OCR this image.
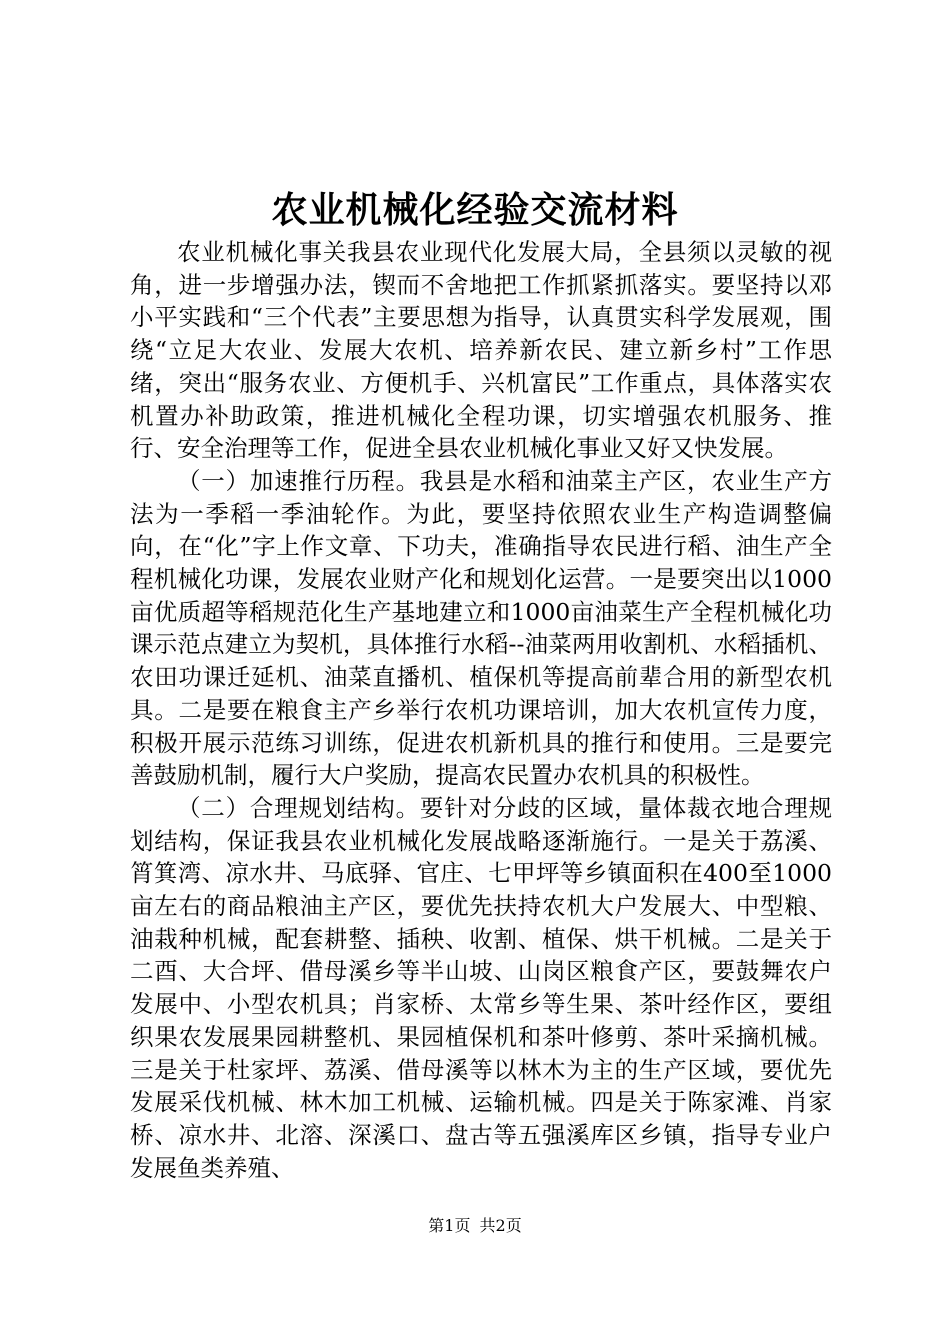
农业机械化经验交流材料

农业机械化事关我县农业现代化发展大局，全县须以灵敏的视角，进一步增强办法，锲而不舍地把工作抓紧抓落实。要坚持以邓小平实践和“三个代表”主要思想为指导，认真贯实科学发展观，围绕“立足大农业、发展大农机、培养新农民、建立新乡村”工作思绪，突出“服务农业、方便机手、兴机富民”工作重点，具体落实农机置办补助政策，推进机械化全程功课，切实增强农机服务、推行、安全治理等工作，促进全县农业机械化事业又好又快发展。

（一）加速推行历程。我县是水稻和油菜主产区，农业生产方法为一季稻一季油轮作。为此，要坚持依照农业生产构造调整偏向，在“化”字上作文章、下功夫，准确指导农民进行稻、油生产全程机械化功课，发展农业财产化和规划化运营。一是要突出以1000亩优质超等稻规范化生产基地建立和1000亩油菜生产全程机械化功课示范点建立为契机，具体推行水稻--油菜两用收割机、水稻插机、农田功课迁延机、油菜直播机、植保机等提高前辈合用的新型农机具。二是要在粮食主产乡举行农机功课培训，加大农机宣传力度，积极开展示范练习训练，促进农机新机具的推行和使用。三是要完善鼓励机制，履行大户奖励，提高农民置办农机具的积极性。

（二）合理规划结构。要针对分歧的区域，量体裁衣地合理规划结构，保证我县农业机械化发展战略逐渐施行。一是关于荔溪、筲箕湾、凉水井、马底驿、官庄、七甲坪等乡镇面积在400至1000亩左右的商品粮油主产区，要优先扶持农机大户发展大、中型粮、油栽种机械，配套耕整、插秧、收割、植保、烘干机械。二是关于二酉、大合坪、借母溪乡等半山坡、山岗区粮食产区，要鼓舞农户发展中、小型农机具；肖家桥、太常乡等生果、茶叶经作区，要组织果农发展果园耕整机、果园植保机和茶叶修剪、茶叶采摘机械。三是关于杜家坪、荔溪、借母溪等以林木为主的生产区域，要优先发展采伐机械、林木加工机械、运输机械。四是关于陈家滩、肖家桥、凉水井、北溶、深溪口、盘古等五强溪库区乡镇，指导专业户发展鱼类养殖、

第1页 共2页
